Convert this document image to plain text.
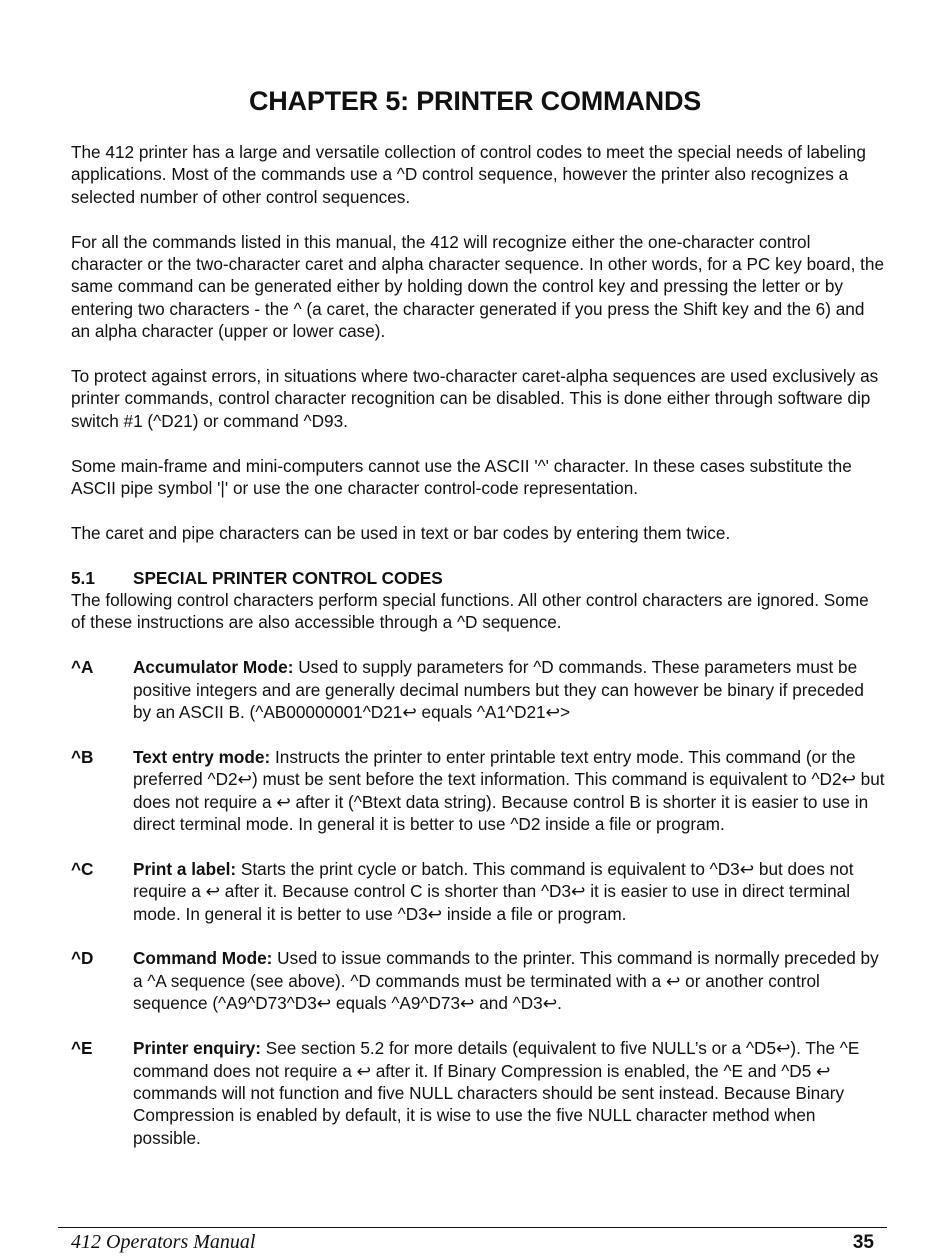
CHAPTER 5: PRINTER COMMANDS

The 412 printer has a large and versatile collection of control codes to meet the special needs of labeling applications. Most of the commands use a ^D control sequence, however the printer also recognizes a selected number of other control sequences.

For all the commands listed in this manual, the 412 will recognize either the one-character control character or the two-character caret and alpha character sequence. In other words, for a PC key board, the same command can be generated either by holding down the control key and pressing the letter or by entering two characters - the ^ (a caret, the character generated if you press the Shift key and the 6) and an alpha character (upper or lower case).

To protect against errors, in situations where two-character caret-alpha sequences are used exclusively as printer commands, control character recognition can be disabled. This is done either through software dip switch #1 (^D21) or command ^D93.

Some main-frame and mini-computers cannot use the ASCII '^' character. In these cases substitute the ASCII pipe symbol '|' or use the one character control-code representation.

The caret and pipe characters can be used in text or bar codes by entering them twice.

5.1 SPECIAL PRINTER CONTROL CODES

The following control characters perform special functions. All other control characters are ignored. Some of these instructions are also accessible through a ^D sequence.

^A	Accumulator Mode: Used to supply parameters for ^D commands. These parameters must be positive integers and are generally decimal numbers but they can however be binary if preceded by an ASCII B. (^AB00000001^D21↩ equals ^A1^D21↩>
^B	Text entry mode: Instructs the printer to enter printable text entry mode. This command (or the preferred ^D2↩) must be sent before the text information. This command is equivalent to ^D2↩ but does not require a ↩ after it (^Btext data string). Because control B is shorter it is easier to use in direct terminal mode. In general it is better to use ^D2 inside a file or program.
^C	Print a label: Starts the print cycle or batch. This command is equivalent to ^D3↩ but does not require a ↩ after it. Because control C is shorter than ^D3↩ it is easier to use in direct terminal mode. In general it is better to use ^D3↩ inside a file or program.
^D	Command Mode: Used to issue commands to the printer. This command is normally preceded by a ^A sequence (see above). ^D commands must be terminated with a ↩ or another control sequence (^A9^D73^D3↩ equals ^A9^D73↩ and ^D3↩.
^E	Printer enquiry: See section 5.2 for more details (equivalent to five NULL’s or a ^D5↩). The ^E command does not require a ↩ after it. If Binary Compression is enabled, the ^E and ^D5 ↩ commands will not function and five NULL characters should be sent instead. Because Binary Compression is enabled by default, it is wise to use the five NULL character method when possible.
412 Operators Manual	35
